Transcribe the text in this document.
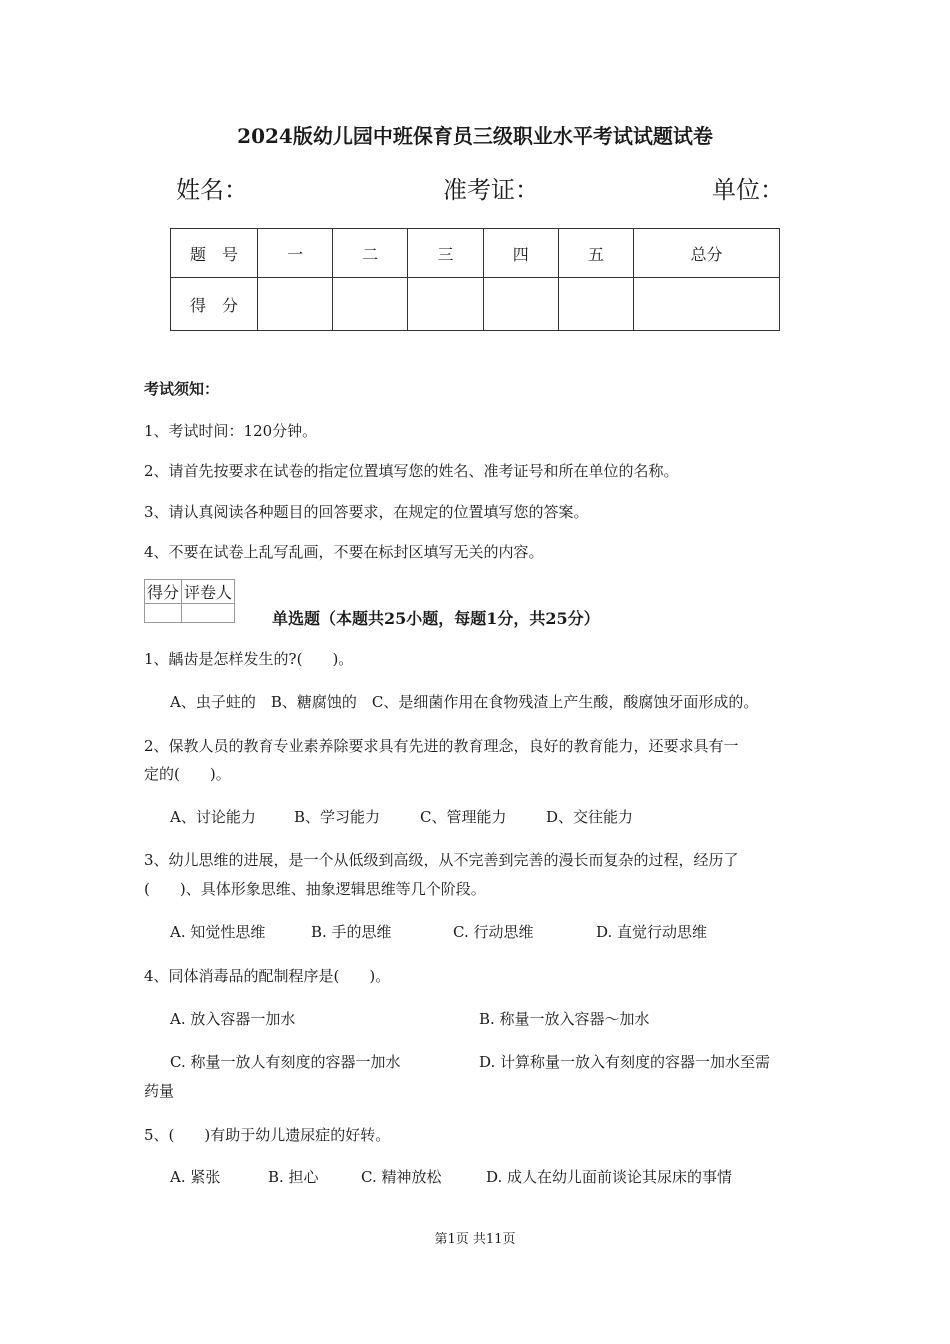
2024版幼儿园中班保育员三级职业水平考试试题试卷
姓名：	准考证：	单位：
题　号	一	二	三	四	五	总分
得　分						
考试须知：
1、考试时间：120分钟。
2、请首先按要求在试卷的指定位置填写您的姓名、准考证号和所在单位的名称。
3、请认真阅读各种题目的回答要求，在规定的位置填写您的答案。
4、不要在试卷上乱写乱画，不要在标封区填写无关的内容。
得分	评卷人

单选题（本题共25小题，每题1分，共25分）
1、龋齿是怎样发生的?(　　)。
A、虫子蛀的　B、糖腐蚀的　C、是细菌作用在食物残渣上产生酸，酸腐蚀牙面形成的。
2、保教人员的教育专业素养除要求具有先进的教育理念，良好的教育能力，还要求具有一
定的(　　)。
A、讨论能力	B、学习能力	C、管理能力	D、交往能力
3、幼儿思维的进展，是一个从低级到高级，从不完善到完善的漫长而复杂的过程，经历了
(　　)、具体形象思维、抽象逻辑思维等几个阶段。
A. 知觉性思维	B. 手的思维	C. 行动思维	D. 直觉行动思维
4、同体消毒品的配制程序是(　　)。
A. 放入容器一加水	B. 称量一放入容器～加水
C. 称量一放人有刻度的容器一加水	D. 计算称量一放入有刻度的容器一加水至需
药量
5、(　　)有助于幼儿遗尿症的好转。
A. 紧张	B. 担心	C. 精神放松	D. 成人在幼儿面前谈论其尿床的事情
第1页 共11页
